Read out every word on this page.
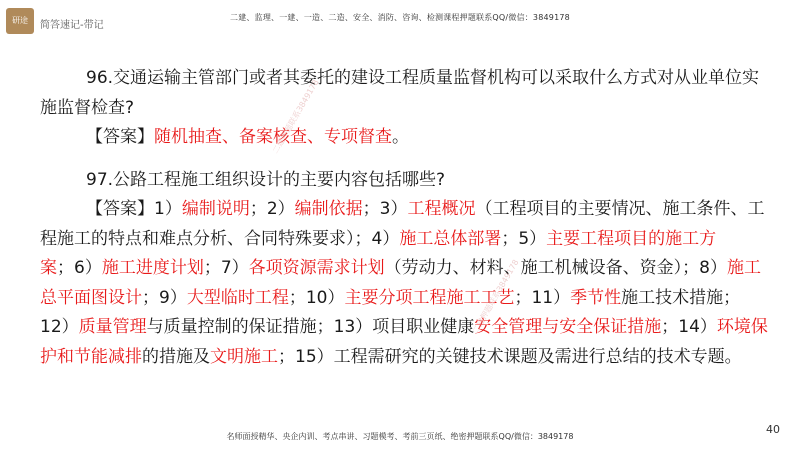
研途	简答速记-带记
二建、监理、一建、一造、二造、安全、消防、咨询、检测课程押题联系QQ/微信：3849178

96.交通运输主管部门或者其委托的建设工程质量监督机构可以采取什么方式对从业单位实施监督检查?

【答案】随机抽查、备案核查、专项督查。

97.公路工程施工组织设计的主要内容包括哪些?

【答案】1）编制说明；2）编制依据；3）工程概况（工程项目的主要情况、施工条件、工程施工的特点和难点分析、合同特殊要求）；4）施工总体部署；5）主要工程项目的施工方案；6）施工进度计划；7）各项资源需求计划（劳动力、材料、施工机械设备、资金）；8）施工总平面图设计；9）大型临时工程；10）主要分项工程施工工艺；11）季节性施工技术措施；12）质量管理与质量控制的保证措施；13）项目职业健康安全管理与安全保证措施；14）环境保护和节能减排的措施及文明施工；15）工程需研究的关键技术课题及需进行总结的技术专题。

二建押题联系3849178
二建押题联系3849178
40
名师面授精华、央企内训、考点串讲、习题模考、考前三页纸、绝密押题联系QQ/微信：3849178
